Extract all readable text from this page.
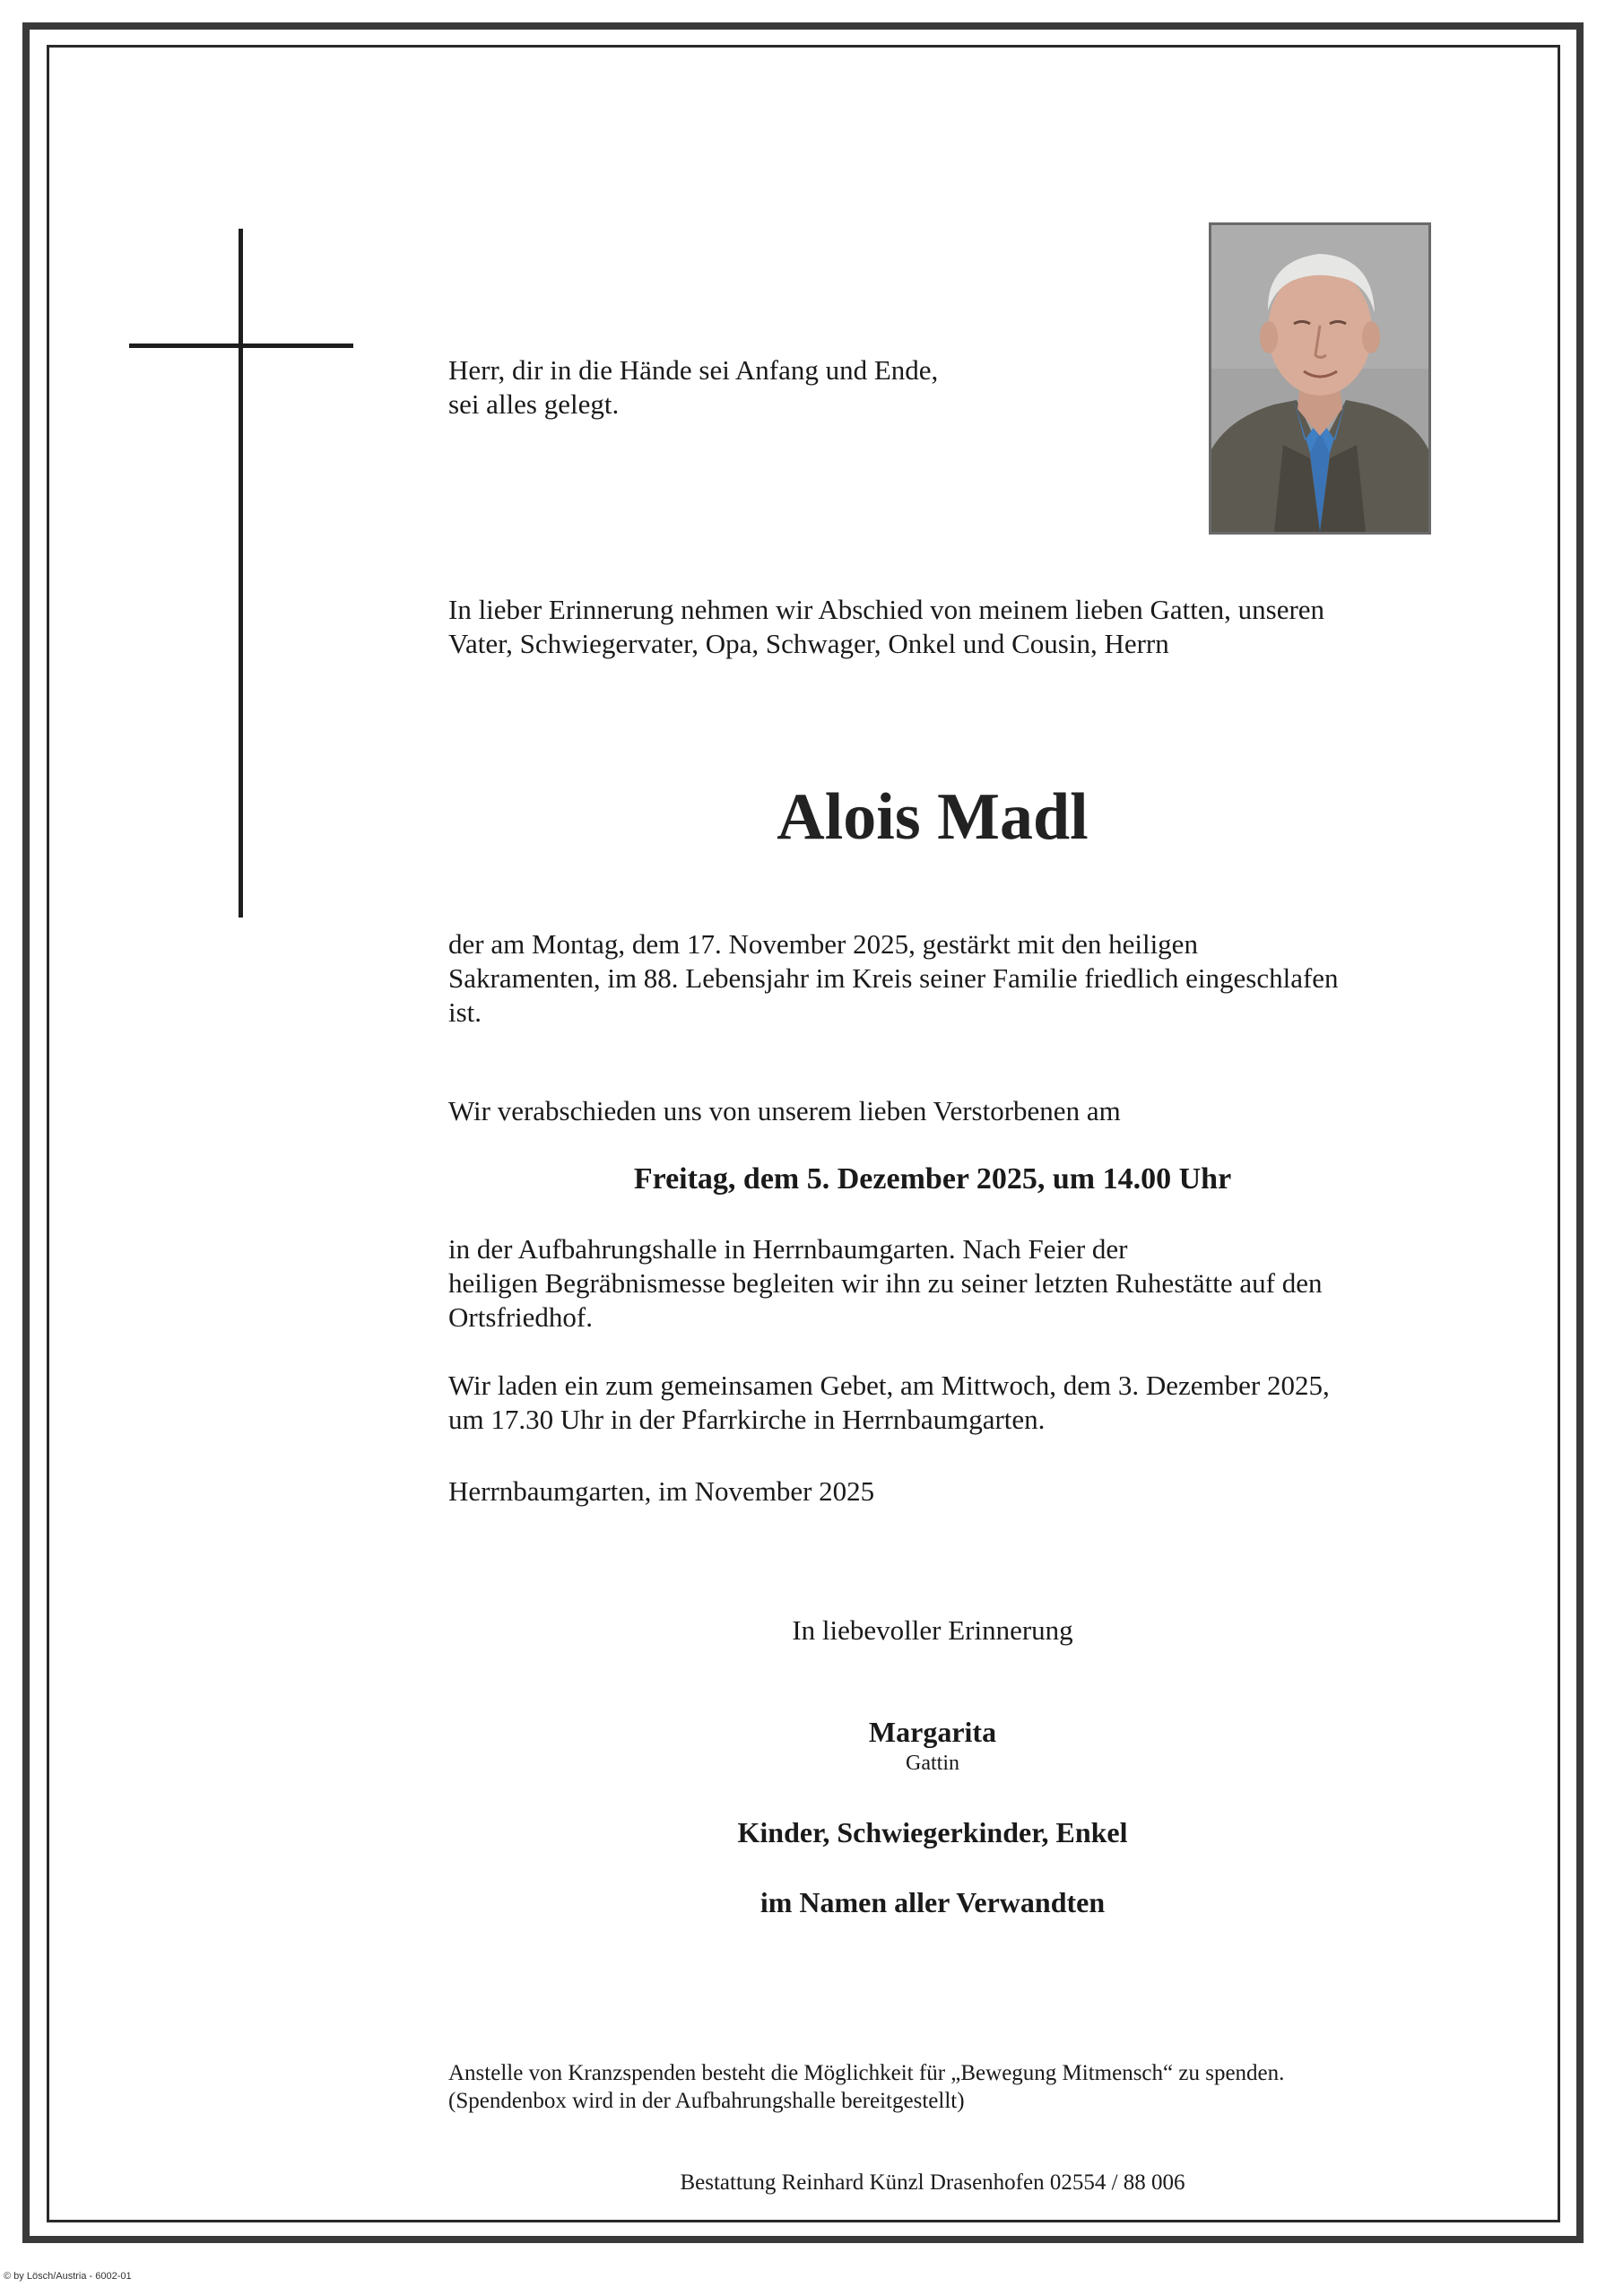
Herr, dir in die Hände sei Anfang und Ende,
sei alles gelegt.

In lieber Erinnerung nehmen wir Abschied von meinem lieben Gatten, unseren
Vater, Schwiegervater, Opa, Schwager, Onkel und Cousin, Herrn

Alois Madl

der am Montag, dem 17. November 2025, gestärkt mit den heiligen
Sakramenten, im 88. Lebensjahr im Kreis seiner Familie friedlich eingeschlafen
ist.

Wir verabschieden uns von unserem lieben Verstorbenen am

Freitag, dem 5. Dezember 2025, um 14.00 Uhr

in der Aufbahrungshalle in Herrnbaumgarten. Nach Feier der
heiligen Begräbnismesse begleiten wir ihn zu seiner letzten Ruhestätte auf den
Ortsfriedhof.

Wir laden ein zum gemeinsamen Gebet, am Mittwoch, dem 3. Dezember 2025,
um 17.30 Uhr in der Pfarrkirche in Herrnbaumgarten.

Herrnbaumgarten, im November 2025

In liebevoller Erinnerung

Margarita

Gattin

Kinder, Schwiegerkinder, Enkel

im Namen aller Verwandten

Anstelle von Kranzspenden besteht die Möglichkeit für „Bewegung Mitmensch“ zu spenden.
(Spendenbox wird in der Aufbahrungshalle bereitgestellt)

Bestattung Reinhard Künzl Drasenhofen 02554 / 88 006

© by Lösch/Austria - 6002-01
